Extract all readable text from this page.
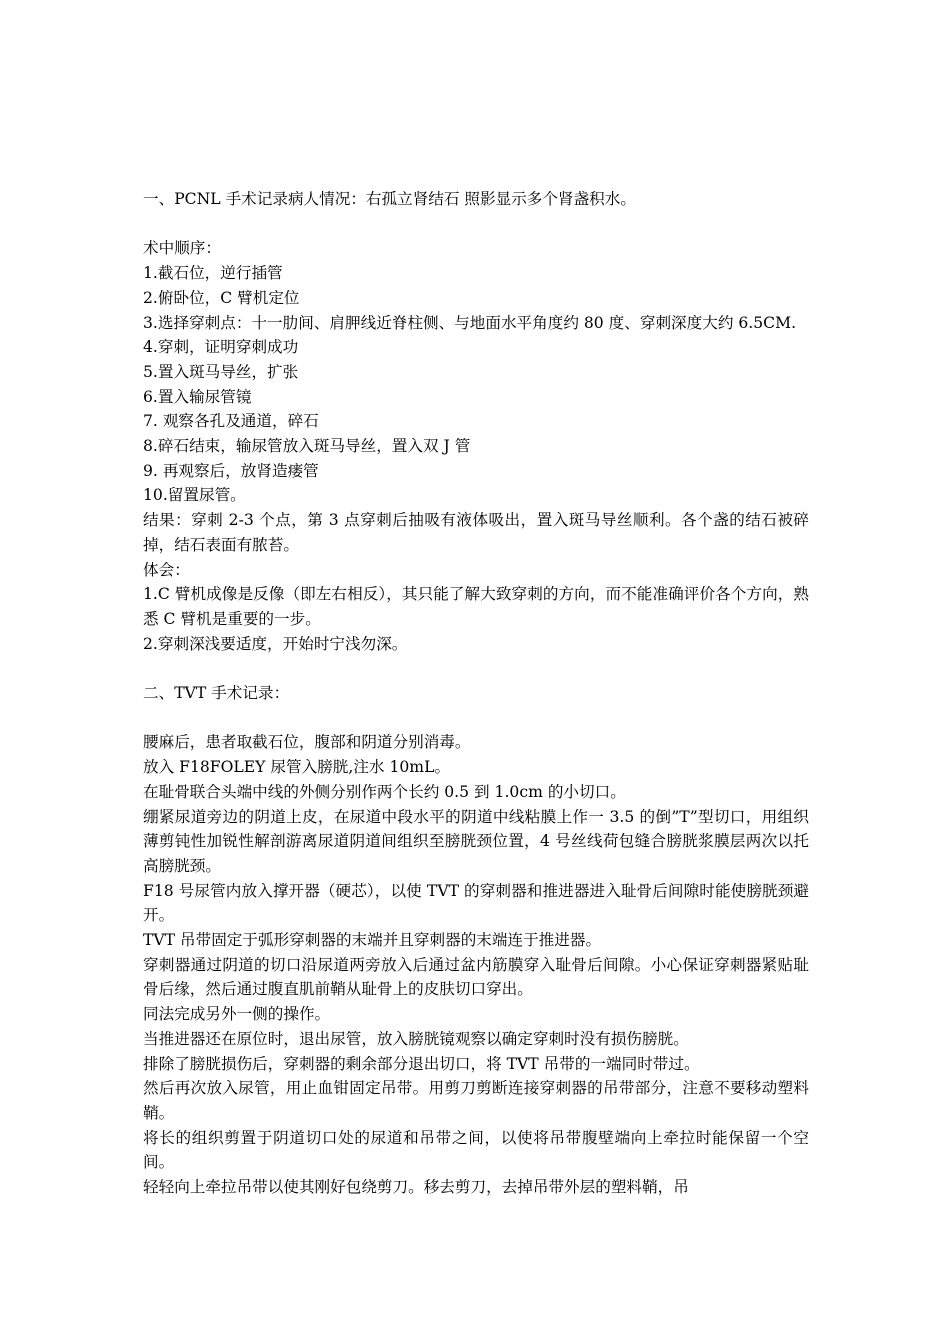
一、PCNL 手术记录病人情况：右孤立肾结石 照影显示多个肾盏积水。

术中顺序：

1.截石位，逆行插管

2.俯卧位，C 臂机定位

3.选择穿刺点：十一肋间、肩胛线近脊柱侧、与地面水平角度约 80 度、穿刺深度大约 6.5CM.

4.穿刺，证明穿刺成功

5.置入斑马导丝，扩张

6.置入输尿管镜

7. 观察各孔及通道，碎石

8.碎石结束，输尿管放入斑马导丝，置入双 J 管

9. 再观察后，放肾造瘘管

10.留置尿管。

结果：穿刺 2-3 个点，第 3 点穿刺后抽吸有液体吸出，置入斑马导丝顺利。各个盏的结石被碎掉，结石表面有脓苔。

体会：

1.C 臂机成像是反像（即左右相反），其只能了解大致穿刺的方向，而不能准确评价各个方向，熟悉 C 臂机是重要的一步。

2.穿刺深浅要适度，开始时宁浅勿深。

二、TVT 手术记录：

腰麻后，患者取截石位，腹部和阴道分别消毒。

放入 F18FOLEY 尿管入膀胱,注水 10mL。

在耻骨联合头端中线的外侧分别作两个长约 0.5 到 1.0cm 的小切口。

绷紧尿道旁边的阴道上皮，在尿道中段水平的阴道中线粘膜上作一 3.5 的倒”T”型切口，用组织薄剪钝性加锐性解剖游离尿道阴道间组织至膀胱颈位置，4 号丝线荷包缝合膀胱浆膜层两次以托高膀胱颈。

F18 号尿管内放入撑开器（硬芯），以使 TVT 的穿刺器和推进器进入耻骨后间隙时能使膀胱颈避开。

TVT 吊带固定于弧形穿刺器的末端并且穿刺器的末端连于推进器。

穿刺器通过阴道的切口沿尿道两旁放入后通过盆内筋膜穿入耻骨后间隙。小心保证穿刺器紧贴耻骨后缘，然后通过腹直肌前鞘从耻骨上的皮肤切口穿出。

同法完成另外一侧的操作。

当推进器还在原位时，退出尿管，放入膀胱镜观察以确定穿刺时没有损伤膀胱。

排除了膀胱损伤后，穿刺器的剩余部分退出切口，将 TVT 吊带的一端同时带过。

然后再次放入尿管，用止血钳固定吊带。用剪刀剪断连接穿刺器的吊带部分，注意不要移动塑料鞘。

将长的组织剪置于阴道切口处的尿道和吊带之间，以使将吊带腹壁端向上牵拉时能保留一个空间。

轻轻向上牵拉吊带以使其刚好包绕剪刀。移去剪刀，去掉吊带外层的塑料鞘，吊
